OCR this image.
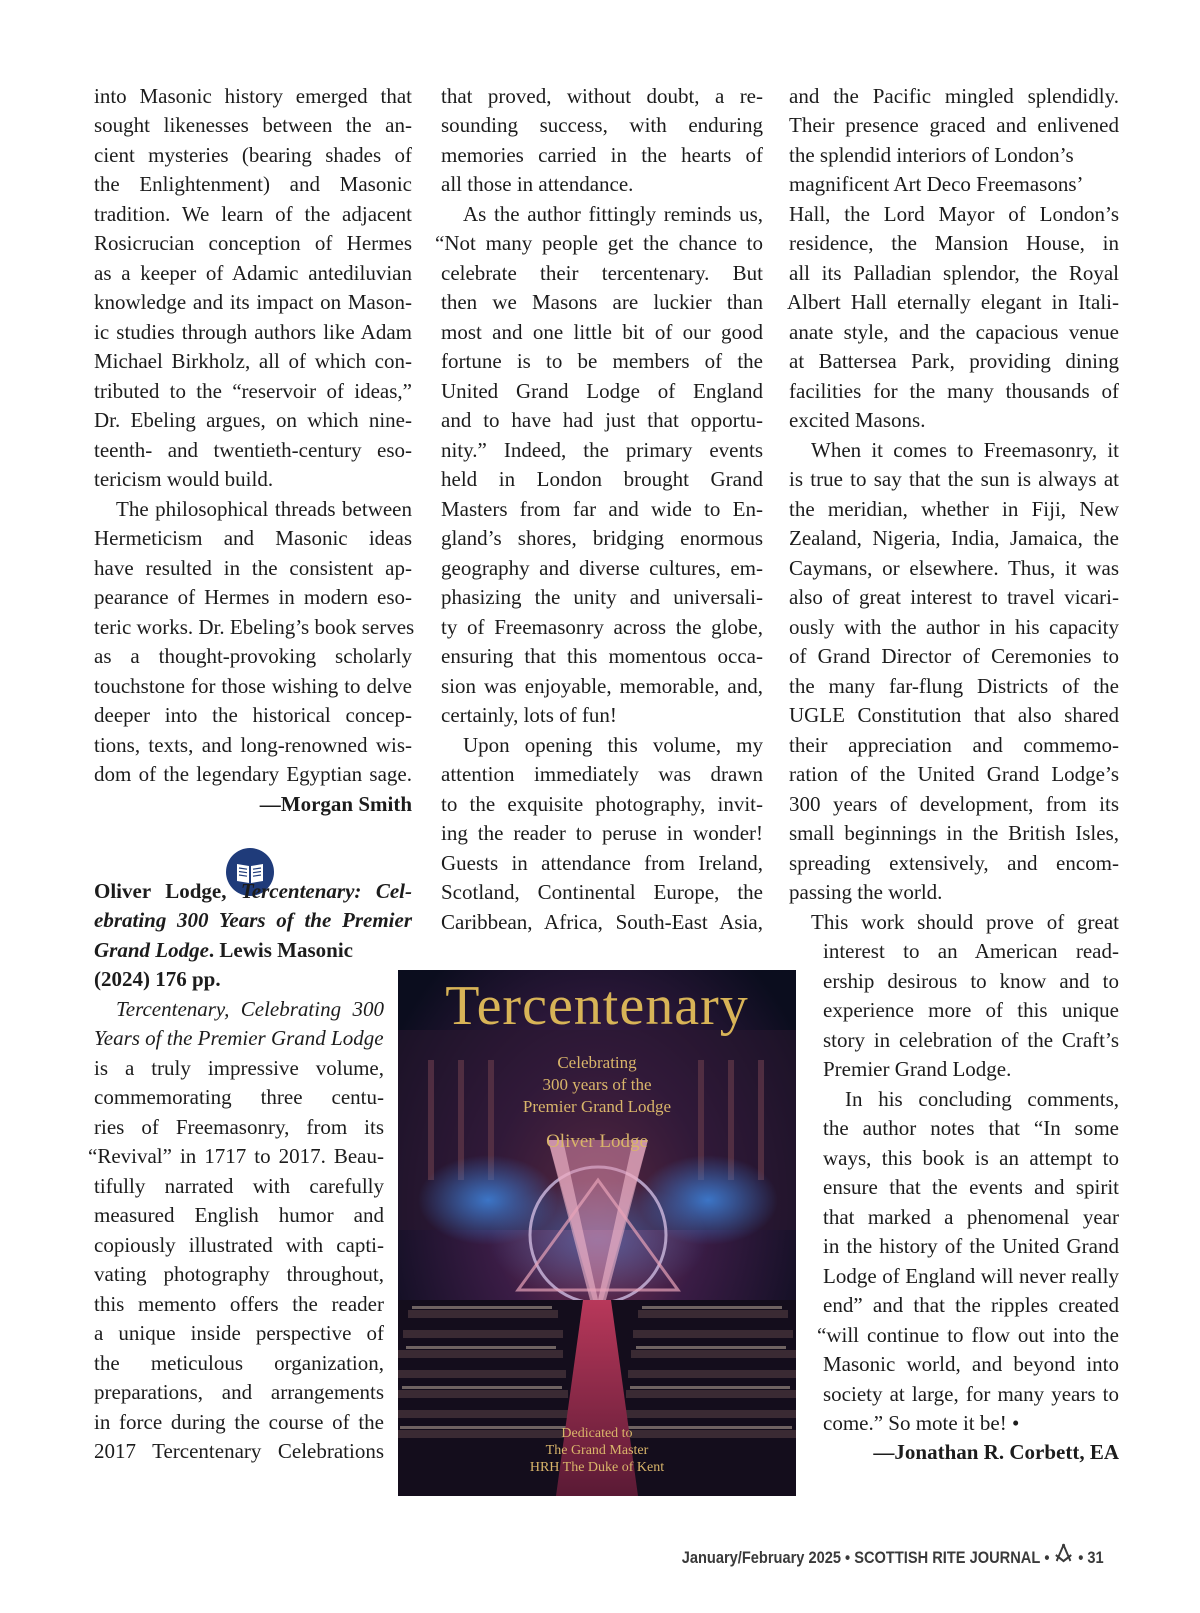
into Masonic history emerged that
sought likenesses between the an-
cient mysteries (bearing shades of
the Enlightenment) and Masonic
tradition. We learn of the adjacent
Rosicrucian conception of Hermes
as a keeper of Adamic antediluvian
knowledge and its impact on Mason-
ic studies through authors like Adam
Michael Birkholz, all of which con-
tributed to the “reservoir of ideas,”
Dr. Ebeling argues, on which nine-
teenth- and twentieth-century eso-
tericism would build.
The philosophical threads between
Hermeticism and Masonic ideas
have resulted in the consistent ap-
pearance of Hermes in modern eso-
teric works. Dr. Ebeling’s book serves
as a thought-provoking scholarly
touchstone for those wishing to delve
deeper into the historical concep-
tions, texts, and long-renowned wis-
dom of the legendary Egyptian sage.
—Morgan Smith
Oliver Lodge, Tercentenary: Cel-
ebrating 300 Years of the Premier
Grand Lodge. Lewis Masonic
(2024) 176 pp.
Tercentenary, Celebrating 300
Years of the Premier Grand Lodge
is a truly impressive volume,
commemorating three centu-
ries of Freemasonry, from its
“Revival” in 1717 to 2017. Beau-
tifully narrated with carefully
measured English humor and
copiously illustrated with capti-
vating photography throughout,
this memento offers the reader
a unique inside perspective of
the meticulous organization,
preparations, and arrangements
in force during the course of the
2017 Tercentenary Celebrations
that proved, without doubt, a re-
sounding success, with enduring
memories carried in the hearts of
all those in attendance.
As the author fittingly reminds us,
“Not many people get the chance to
celebrate their tercentenary. But
then we Masons are luckier than
most and one little bit of our good
fortune is to be members of the
United Grand Lodge of England
and to have had just that opportu-
nity.” Indeed, the primary events
held in London brought Grand
Masters from far and wide to En-
gland’s shores, bridging enormous
geography and diverse cultures, em-
phasizing the unity and universali-
ty of Freemasonry across the globe,
ensuring that this momentous occa-
sion was enjoyable, memorable, and,
certainly, lots of fun!
Upon opening this volume, my
attention immediately was drawn
to the exquisite photography, invit-
ing the reader to peruse in wonder!
Guests in attendance from Ireland,
Scotland, Continental Europe, the
Caribbean, Africa, South-East Asia,
and the Pacific mingled splendidly.
Their presence graced and enlivened
the splendid interiors of London’s
magnificent Art Deco Freemasons’
Hall, the Lord Mayor of London’s
residence, the Mansion House, in
all its Palladian splendor, the Royal
Albert Hall eternally elegant in Itali-
anate style, and the capacious venue
at Battersea Park, providing dining
facilities for the many thousands of
excited Masons.
When it comes to Freemasonry, it
is true to say that the sun is always at
the meridian, whether in Fiji, New
Zealand, Nigeria, India, Jamaica, the
Caymans, or elsewhere. Thus, it was
also of great interest to travel vicari-
ously with the author in his capacity
of Grand Director of Ceremonies to
the many far-flung Districts of the
UGLE Constitution that also shared
their appreciation and commemo-
ration of the United Grand Lodge’s
300 years of development, from its
small beginnings in the British Isles,
spreading extensively, and encom-
passing the world.
This work should prove of great
interest to an American read-
ership desirous to know and to
experience more of this unique
story in celebration of the Craft’s
Premier Grand Lodge.
In his concluding comments,
the author notes that “In some
ways, this book is an attempt to
ensure that the events and spirit
that marked a phenomenal year
in the history of the United Grand
Lodge of England will never really
end” and that the ripples created
“will continue to flow out into the
Masonic world, and beyond into
society at large, for many years to
come.” So mote it be! •
—Jonathan R. Corbett, EA
Tercentenary
Celebrating
300 years of the
Premier Grand Lodge
Oliver Lodge
Dedicated to
The Grand Master
HRH The Duke of Kent
January/February 2025 • SCOTTISH RITE JOURNAL • • 31
